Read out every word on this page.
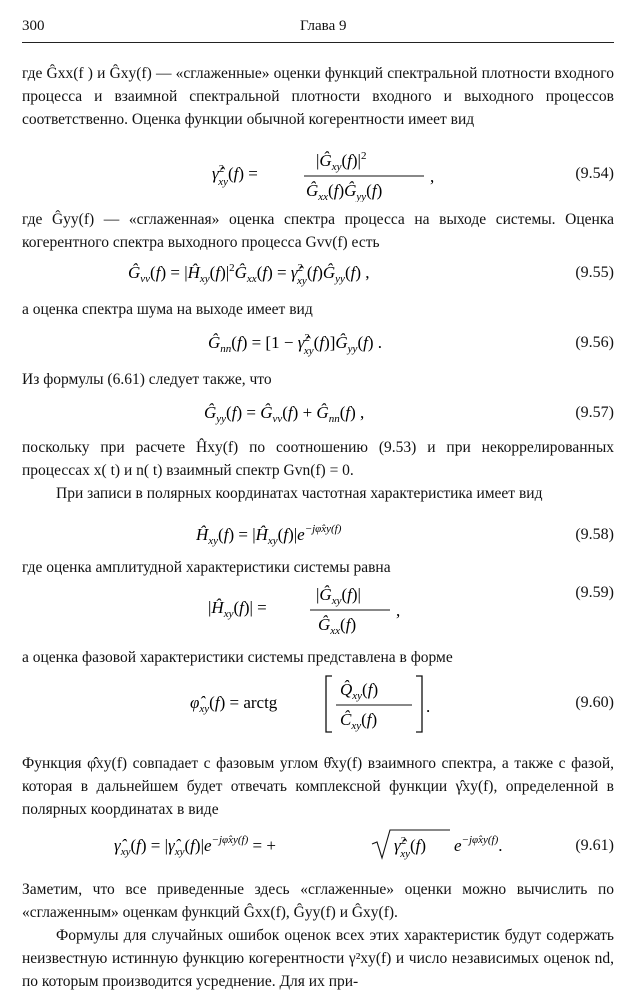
300	Глава 9
где Ĝxx(f ) и Ĝxy(f) — «сглаженные» оценки функций спектральной плотности входного процесса и взаимной спектральной плотности входного и выходного процессов соответственно. Оценка функции обычной когерентности имеет вид
γ̂$^2$ xy(f) =
$|Ĝ_{xy}(f)|^2$
$Ĝ_{xx}(f)Ĝ_{yy}(f)$
,	(9.54)
где Ĝyy(f) — «сглаженная» оценка спектра процесса на выходе системы. Оценка когерентного спектра выходного процесса Gvv(f) есть
$Ĝ_{vv}(f)$ = $|Ĥ_{xy}(f)|^2Ĝ_{xx}(f)$ = γ̂$^2$ $xy(f)Ĝ_{yy}(f)$ ,	(9.55)
а оценка спектра шума на выходе имеет вид
$Ĝ_{nn}(f) = [1$ − γ̂$^2$ $xy(f)]Ĝ_{yy}(f)$ .	(9.56)
Из формулы (6.61) следует также, что
$Ĝ_{yy}(f)$ = $Ĝ_{vv}(f)$ + $Ĝ_{nn}(f)$ ,	(9.57)
поскольку при расчете Ĥxy(f) по соотношению (9.53) и при некоррелированных процессах x( t) и n( t) взаимный спектр Gvn(f) = 0.
При записи в полярных координатах частотная характеристика имеет вид
$Ĥ_{xy}(f)$ = $|Ĥ_{xy}(f)|e^{-j\varphîxy(f)}$	(9.58)
где оценка амплитудной характеристики системы равна
$|Ĥ_{xy}(f)|$ =
$|Ĝ_{xy}(f)|$
$Ĝ_{xx}(f)$
,
(9.59)
а оценка фазовой характеристики системы представлена в форме
$\varphî_{xy}(f)$ = arctg
$Q̂_{xy}(f)$
$Ĉ_{xy}(f)$
.	(9.60)
Функция φ̂xy(f) совпадает с фазовым углом θ̂xy(f) взаимного спектра, а также с фазой, которая в дальнейшем будет отвечать комплексной функции γ̂xy(f), определенной в полярных координатах в виде
$\gammâ_{xy}(f)$ = $|\gammâ_{xy}(f)|e^{-j\varphîxy(f)}$ = +	γ̂$^2$ xy(f) $e^{-j\varphîxy(f)}$.	(9.61)
Заметим, что все приведенные здесь «сглаженные» оценки можно вычислить по «сглаженным» оценкам функций Ĝxx(f), Ĝyy(f) и Ĝxy(f).
Формулы для случайных ошибок оценок всех этих характеристик будут содержать неизвестную истинную функцию когерентности γ²xy(f) и число независимых оценок nd, по которым производится усреднение. Для их при-
